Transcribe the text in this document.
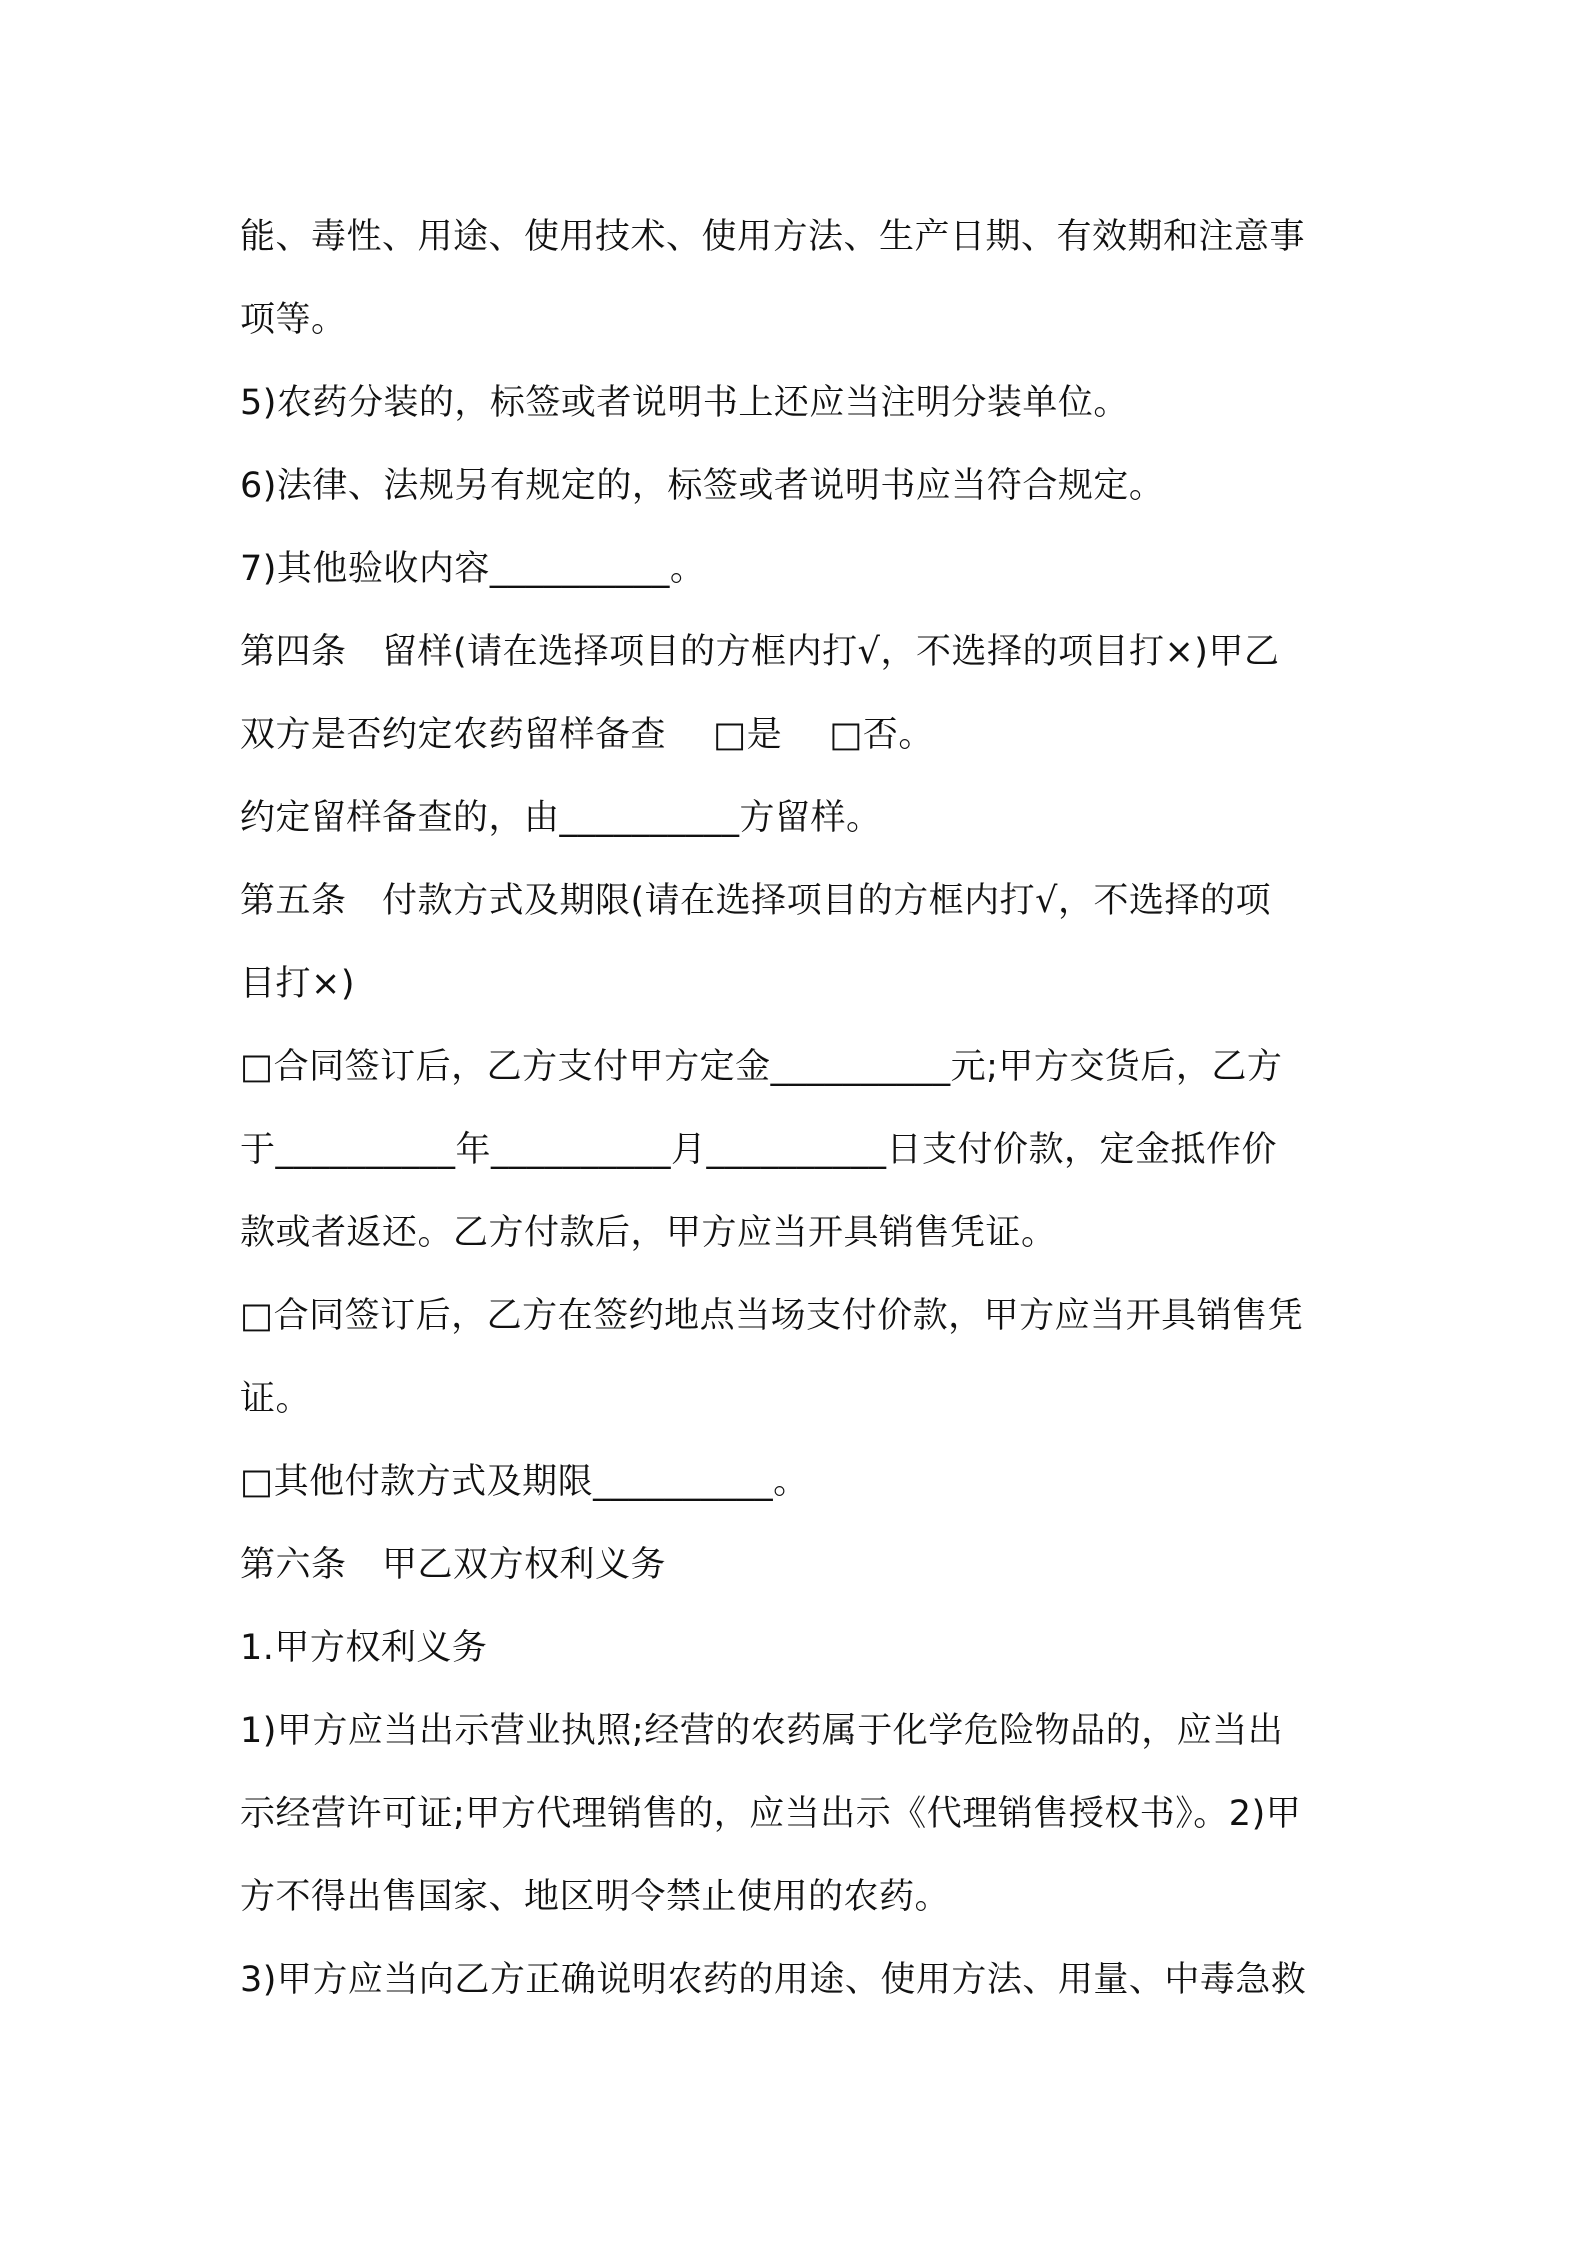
能、毒性、用途、使用技术、使用方法、生产日期、有效期和注意事
项等。
5)农药分装的，标签或者说明书上还应当注明分装单位。
6)法律、法规另有规定的，标签或者说明书应当符合规定。
7)其他验收内容__________。
第四条　留样(请在选择项目的方框内打√，不选择的项目打×)甲乙
双方是否约定农药留样备查　 □是　 □否。
约定留样备查的，由__________方留样。
第五条　付款方式及期限(请在选择项目的方框内打√，不选择的项
目打×)
□合同签订后，乙方支付甲方定金__________元;甲方交货后，乙方
于__________年__________月__________日支付价款，定金抵作价
款或者返还。乙方付款后，甲方应当开具销售凭证。
□合同签订后，乙方在签约地点当场支付价款，甲方应当开具销售凭
证。
□其他付款方式及期限__________。
第六条　甲乙双方权利义务
1.甲方权利义务
1)甲方应当出示营业执照;经营的农药属于化学危险物品的，应当出
示经营许可证;甲方代理销售的，应当出示《代理销售授权书》。2)甲
方不得出售国家、地区明令禁止使用的农药。
3)甲方应当向乙方正确说明农药的用途、使用方法、用量、中毒急救
